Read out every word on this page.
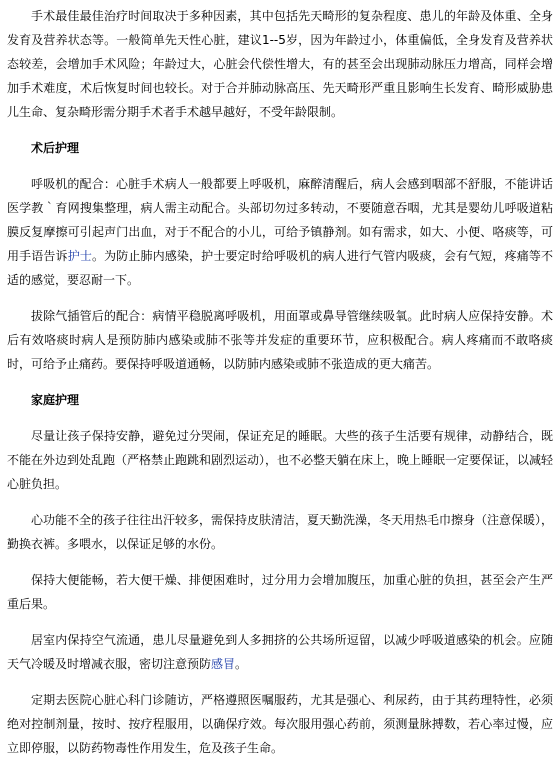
手术最佳最佳治疗时间取决于多种因素，其中包括先天畸形的复杂程度、患儿的年龄及体重、全身发育及营养状态等。一般简单先天性心脏，建议1--5岁，因为年龄过小，体重偏低，全身发育及营养状态较差，会增加手术风险；年龄过大，心脏会代偿性增大，有的甚至会出现肺动脉压力增高，同样会增加手术难度，术后恢复时间也较长。对于合并肺动脉高压、先天畸形严重且影响生长发育、畸形威胁患儿生命、复杂畸形需分期手术者手术越早越好，不受年龄限制。

术后护理

呼吸机的配合：心脏手术病人一般都要上呼吸机，麻醉清醒后，病人会感到咽部不舒服，不能讲话医学教｀育网搜集整理，病人需主动配合。头部切勿过多转动，不要随意吞咽，尤其是婴幼儿呼吸道粘膜反复摩擦可引起声门出血，对于不配合的小儿，可给予镇静剂。如有需求，如大、小便、咯痰等，可用手语告诉护士。为防止肺内感染，护士要定时给呼吸机的病人进行气管内吸痰，会有气短，疼痛等不适的感觉，要忍耐一下。

拔除气插管后的配合：病情平稳脱离呼吸机，用面罩或鼻导管继续吸氧。此时病人应保持安静。术后有效咯痰时病人是预防肺内感染或肺不张等并发症的重要环节，应积极配合。病人疼痛而不敢咯痰时，可给予止痛药。要保持呼吸道通畅，以防肺内感染或肺不张造成的更大痛苦。

家庭护理

尽量让孩子保持安静，避免过分哭闹，保证充足的睡眠。大些的孩子生活要有规律，动静结合，既不能在外边到处乱跑（严格禁止跑跳和剧烈运动），也不必整天躺在床上，晚上睡眠一定要保证，以减轻心脏负担。

心功能不全的孩子往往出汗较多，需保持皮肤清洁，夏天勤洗澡，冬天用热毛巾擦身（注意保暖），勤换衣裤。多喂水，以保证足够的水份。

保持大便能畅，若大便干燥、排便困难时，过分用力会增加腹压，加重心脏的负担，甚至会产生严重后果。

居室内保持空气流通，患儿尽量避免到人多拥挤的公共场所逗留，以减少呼吸道感染的机会。应随天气冷暖及时增减衣服，密切注意预防感冒。

定期去医院心脏心科门诊随访，严格遵照医嘱服药，尤其是强心、利尿药，由于其药理特性，必须绝对控制剂量，按时、按疗程服用，以确保疗效。每次服用强心药前，须测量脉搏数，若心率过慢，应立即停服，以防药物毒性作用发生，危及孩子生命。
